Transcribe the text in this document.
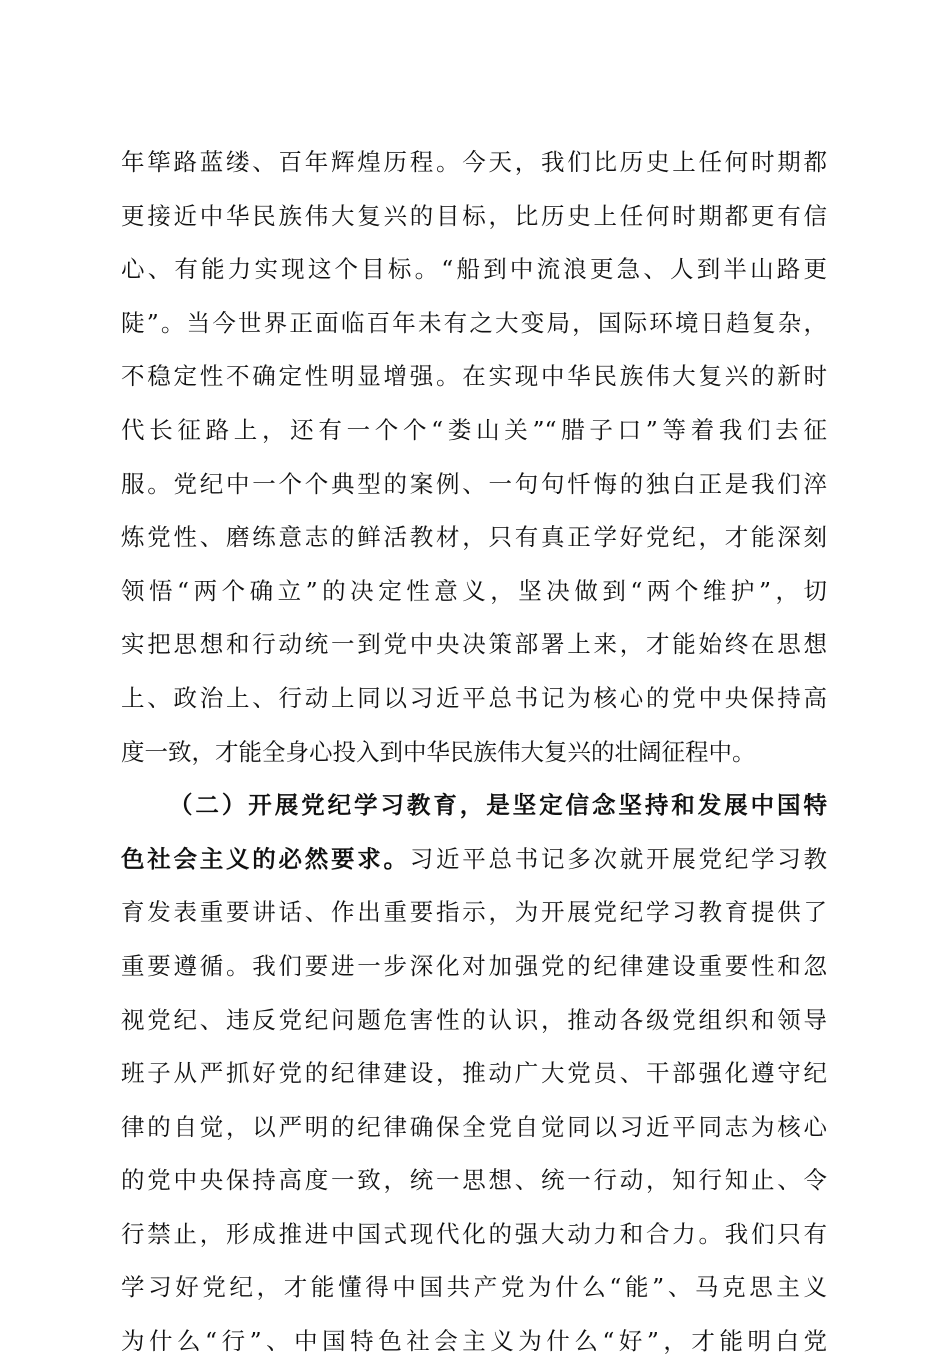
年筚路蓝缕、百年辉煌历程。今天，我们比历史上任何时期都
更接近中华民族伟大复兴的目标，比历史上任何时期都更有信
心、有能力实现这个目标。“船到中流浪更急、人到半山路更
陡”。当今世界正面临百年未有之大变局，国际环境日趋复杂，
不稳定性不确定性明显增强。在实现中华民族伟大复兴的新时
代长征路上，还有一个个“娄山关”“腊子口”等着我们去征
服。党纪中一个个典型的案例、一句句忏悔的独白正是我们淬
炼党性、磨练意志的鲜活教材，只有真正学好党纪，才能深刻
领悟“两个确立”的决定性意义，坚决做到“两个维护”，切
实把思想和行动统一到党中央决策部署上来，才能始终在思想
上、政治上、行动上同以习近平总书记为核心的党中央保持高
度一致，才能全身心投入到中华民族伟大复兴的壮阔征程中。
（二）开展党纪学习教育，是坚定信念坚持和发展中国特
色社会主义的必然要求。习近平总书记多次就开展党纪学习教
育发表重要讲话、作出重要指示，为开展党纪学习教育提供了
重要遵循。我们要进一步深化对加强党的纪律建设重要性和忽
视党纪、违反党纪问题危害性的认识，推动各级党组织和领导
班子从严抓好党的纪律建设，推动广大党员、干部强化遵守纪
律的自觉，以严明的纪律确保全党自觉同以习近平同志为核心
的党中央保持高度一致，统一思想、统一行动，知行知止、令
行禁止，形成推进中国式现代化的强大动力和合力。我们只有
学习好党纪，才能懂得中国共产党为什么“能”、马克思主义
为什么“行”、中国特色社会主义为什么“好”，才能明白党
